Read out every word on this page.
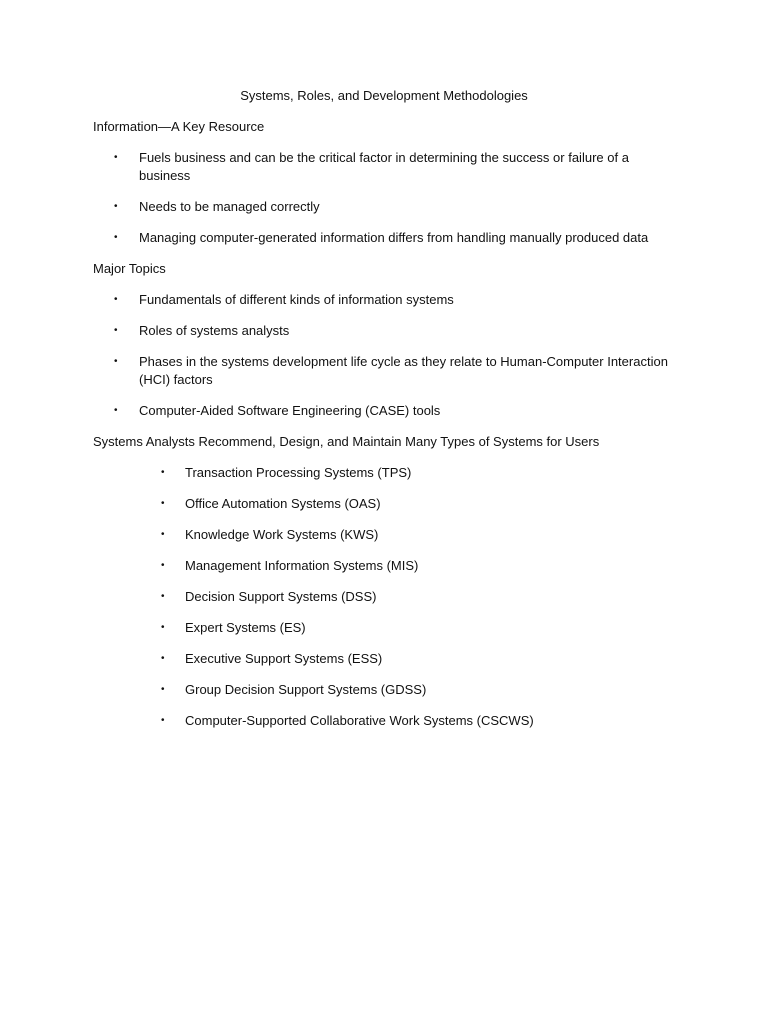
Systems, Roles, and Development Methodologies
Information—A Key Resource
• Fuels business and can be the critical factor in determining the success or failure of a business
• Needs to be managed correctly
• Managing computer-generated information differs from handling manually produced data
Major Topics
• Fundamentals of different kinds of information systems
• Roles of systems analysts
• Phases in the systems development life cycle as they relate to Human-Computer Interaction (HCI) factors
• Computer-Aided Software Engineering (CASE) tools
Systems Analysts Recommend, Design, and Maintain Many Types of Systems for Users
• Transaction Processing Systems (TPS)
• Office Automation Systems (OAS)
• Knowledge Work Systems (KWS)
• Management Information Systems (MIS)
• Decision Support Systems (DSS)
• Expert Systems (ES)
• Executive Support Systems (ESS)
• Group Decision Support Systems (GDSS)
• Computer-Supported Collaborative Work Systems (CSCWS)
